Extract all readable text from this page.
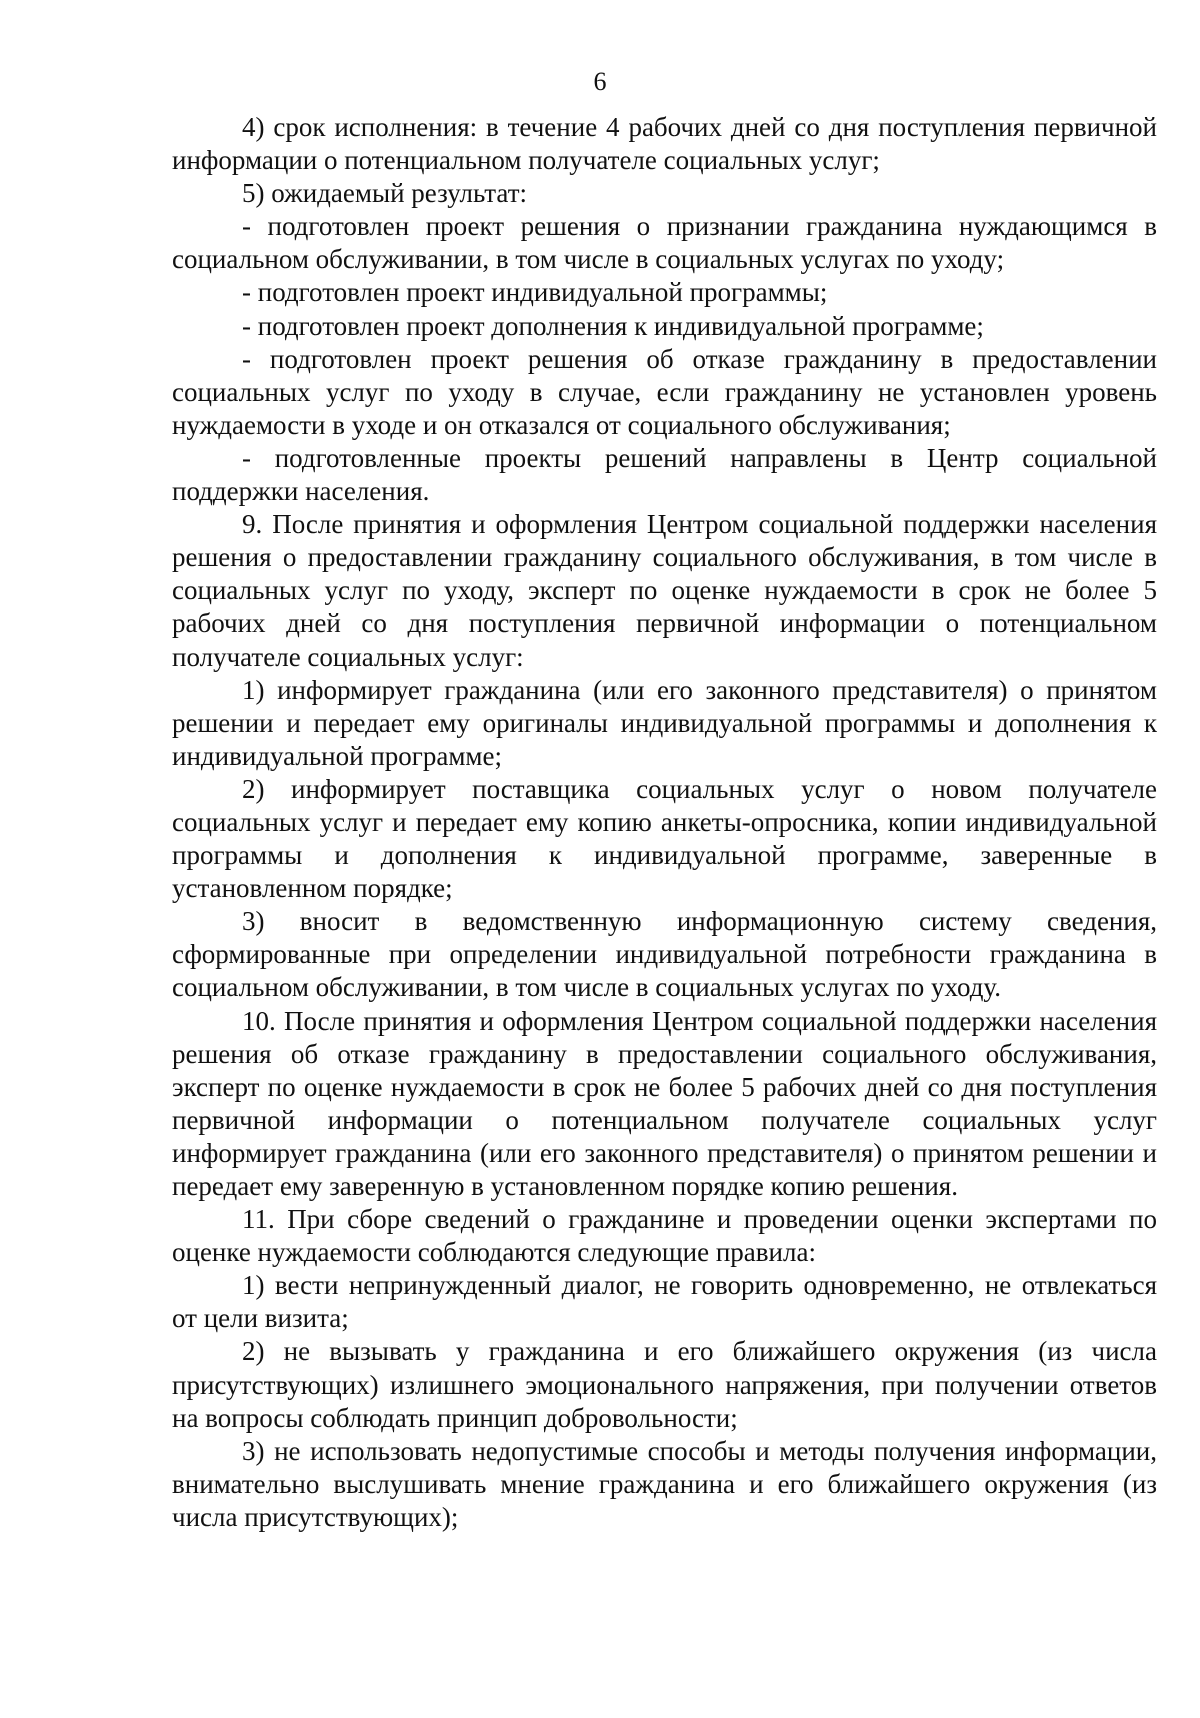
6

4) срок исполнения: в течение 4 рабочих дней со дня поступления первичной информации о потенциальном получателе социальных услуг;

5) ожидаемый результат:

- подготовлен проект решения о признании гражданина нуждающимся в социальном обслуживании, в том числе в социальных услугах по уходу;

- подготовлен проект индивидуальной программы;

- подготовлен проект дополнения к индивидуальной программе;

- подготовлен проект решения об отказе гражданину в предоставлении социальных услуг по уходу в случае, если гражданину не установлен уровень нуждаемости в уходе и он отказался от социального обслуживания;

- подготовленные проекты решений направлены в Центр социальной поддержки населения.

9. После принятия и оформления Центром социальной поддержки населения решения о предоставлении гражданину социального обслуживания, в том числе в социальных услуг по уходу, эксперт по оценке нуждаемости в срок не более 5 рабочих дней со дня поступления первичной информации о потенциальном получателе социальных услуг:

1) информирует гражданина (или его законного представителя) о принятом решении и передает ему оригиналы индивидуальной программы и дополнения к индивидуальной программе;

2) информирует поставщика социальных услуг о новом получателе социальных услуг и передает ему копию анкеты-опросника, копии индивидуальной программы и дополнения к индивидуальной программе, заверенные в установленном порядке;

3) вносит в ведомственную информационную систему сведения, сформированные при определении индивидуальной потребности гражданина в социальном обслуживании, в том числе в социальных услугах по уходу.

10. После принятия и оформления Центром социальной поддержки населения решения об отказе гражданину в предоставлении социального обслуживания, эксперт по оценке нуждаемости в срок не более 5 рабочих дней со дня поступления первичной информации о потенциальном получателе социальных услуг информирует гражданина (или его законного представителя) о принятом решении и передает ему заверенную в установленном порядке копию решения.

11. При сборе сведений о гражданине и проведении оценки экспертами по оценке нуждаемости соблюдаются следующие правила:

1) вести непринужденный диалог, не говорить одновременно, не отвлекаться от цели визита;

2) не вызывать у гражданина и его ближайшего окружения (из числа присутствующих) излишнего эмоционального напряжения, при получении ответов на вопросы соблюдать принцип добровольности;

3) не использовать недопустимые способы и методы получения информации, внимательно выслушивать мнение гражданина и его ближайшего окружения (из числа присутствующих);
